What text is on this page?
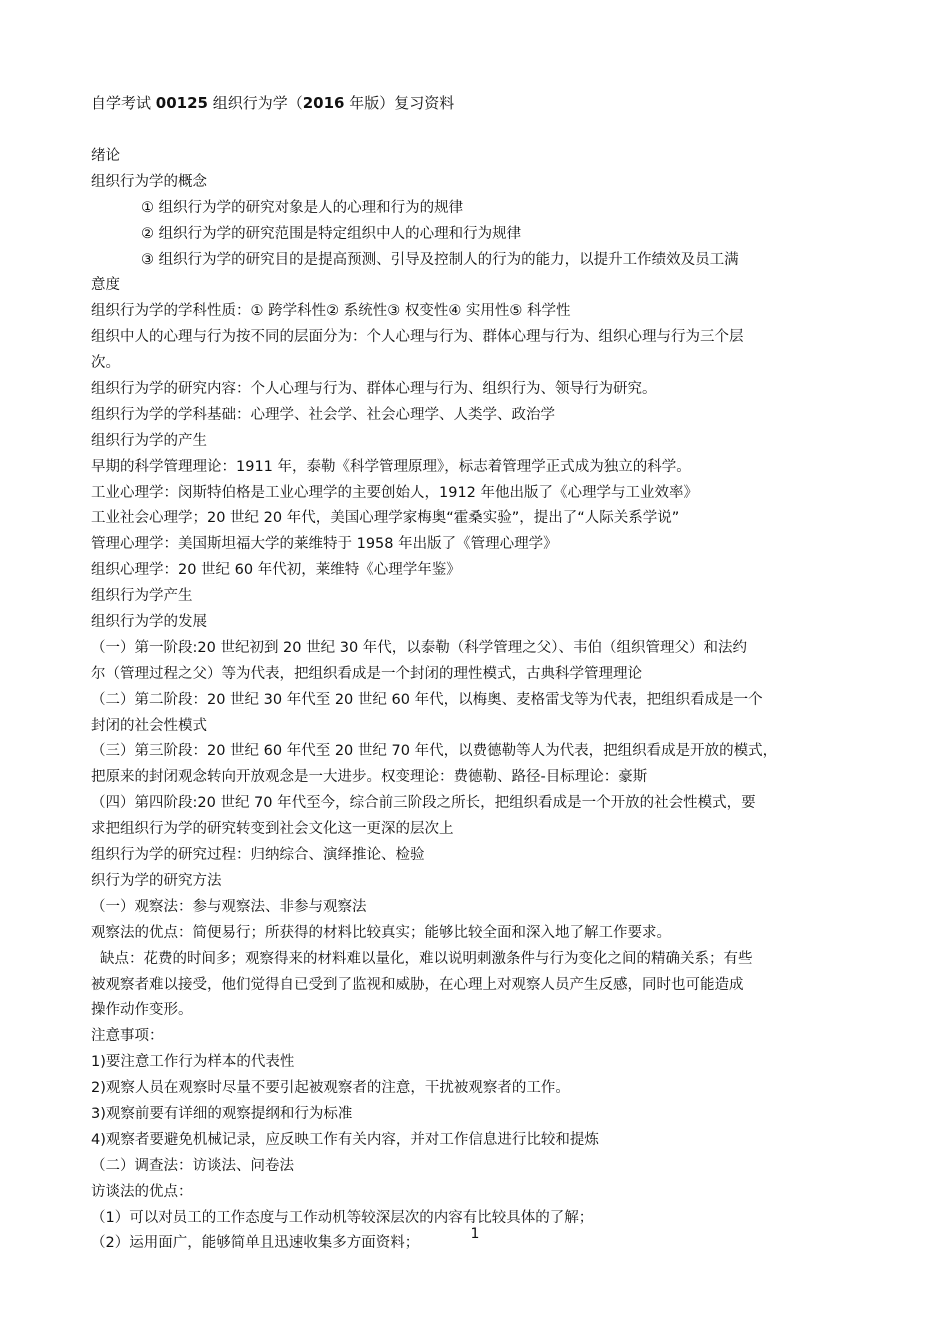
自学考试 00125 组织行为学（2016 年版）复习资料
绪论
组织行为学的概念
① 组织行为学的研究对象是人的心理和行为的规律
② 组织行为学的研究范围是特定组织中人的心理和行为规律
③ 组织行为学的研究目的是提高预测、引导及控制人的行为的能力，以提升工作绩效及员工满
意度
组织行为学的学科性质：① 跨学科性② 系统性③ 权变性④ 实用性⑤ 科学性
组织中人的心理与行为按不同的层面分为：个人心理与行为、群体心理与行为、组织心理与行为三个层
次。
组织行为学的研究内容：个人心理与行为、群体心理与行为、组织行为、领导行为研究。
组织行为学的学科基础：心理学、社会学、社会心理学、人类学、政治学
组织行为学的产生
早期的科学管理理论：1911 年，泰勒《科学管理原理》，标志着管理学正式成为独立的科学。
工业心理学：闵斯特伯格是工业心理学的主要创始人，1912 年他出版了《心理学与工业效率》
工业社会心理学；20 世纪 20 年代，美国心理学家梅奥“霍桑实验”，提出了“人际关系学说”
管理心理学：美国斯坦福大学的莱维特于 1958 年出版了《管理心理学》
组织心理学：20 世纪 60 年代初，莱维特《心理学年鉴》
组织行为学产生
组织行为学的发展
（一）第一阶段:20 世纪初到 20 世纪 30 年代，以泰勒（科学管理之父）、韦伯（组织管理父）和法约
尔（管理过程之父）等为代表，把组织看成是一个封闭的理性模式，古典科学管理理论
（二）第二阶段：20 世纪 30 年代至 20 世纪 60 年代，以梅奥、麦格雷戈等为代表，把组织看成是一个
封闭的社会性模式
（三）第三阶段：20 世纪 60 年代至 20 世纪 70 年代，以费德勒等人为代表，把组织看成是开放的模式，
把原来的封闭观念转向开放观念是一大进步。权变理论：费德勒、路径-目标理论：豪斯
（四）第四阶段:20 世纪 70 年代至今，综合前三阶段之所长，把组织看成是一个开放的社会性模式，要
求把组织行为学的研究转变到社会文化这一更深的层次上
组织行为学的研究过程：归纳综合、演绎推论、检验
织行为学的研究方法
（一）观察法：参与观察法、非参与观察法
观察法的优点：简便易行；所获得的材料比较真实；能够比较全面和深入地了解工作要求。
缺点：花费的时间多；观察得来的材料难以量化，难以说明刺激条件与行为变化之间的精确关系；有些
被观察者难以接受，他们觉得自已受到了监视和威胁，在心理上对观察人员产生反感，同时也可能造成
操作动作变形。
注意事项：
1)要注意工作行为样本的代表性
2)观察人员在观察时尽量不要引起被观察者的注意，干扰被观察者的工作。
3)观察前要有详细的观察提纲和行为标准
4)观察者要避免机械记录，应反映工作有关内容，并对工作信息进行比较和提炼
（二）调查法：访谈法、问卷法
访谈法的优点：
（1）可以对员工的工作态度与工作动机等较深层次的内容有比较具体的了解；
（2）运用面广，能够简单且迅速收集多方面资料；
1
